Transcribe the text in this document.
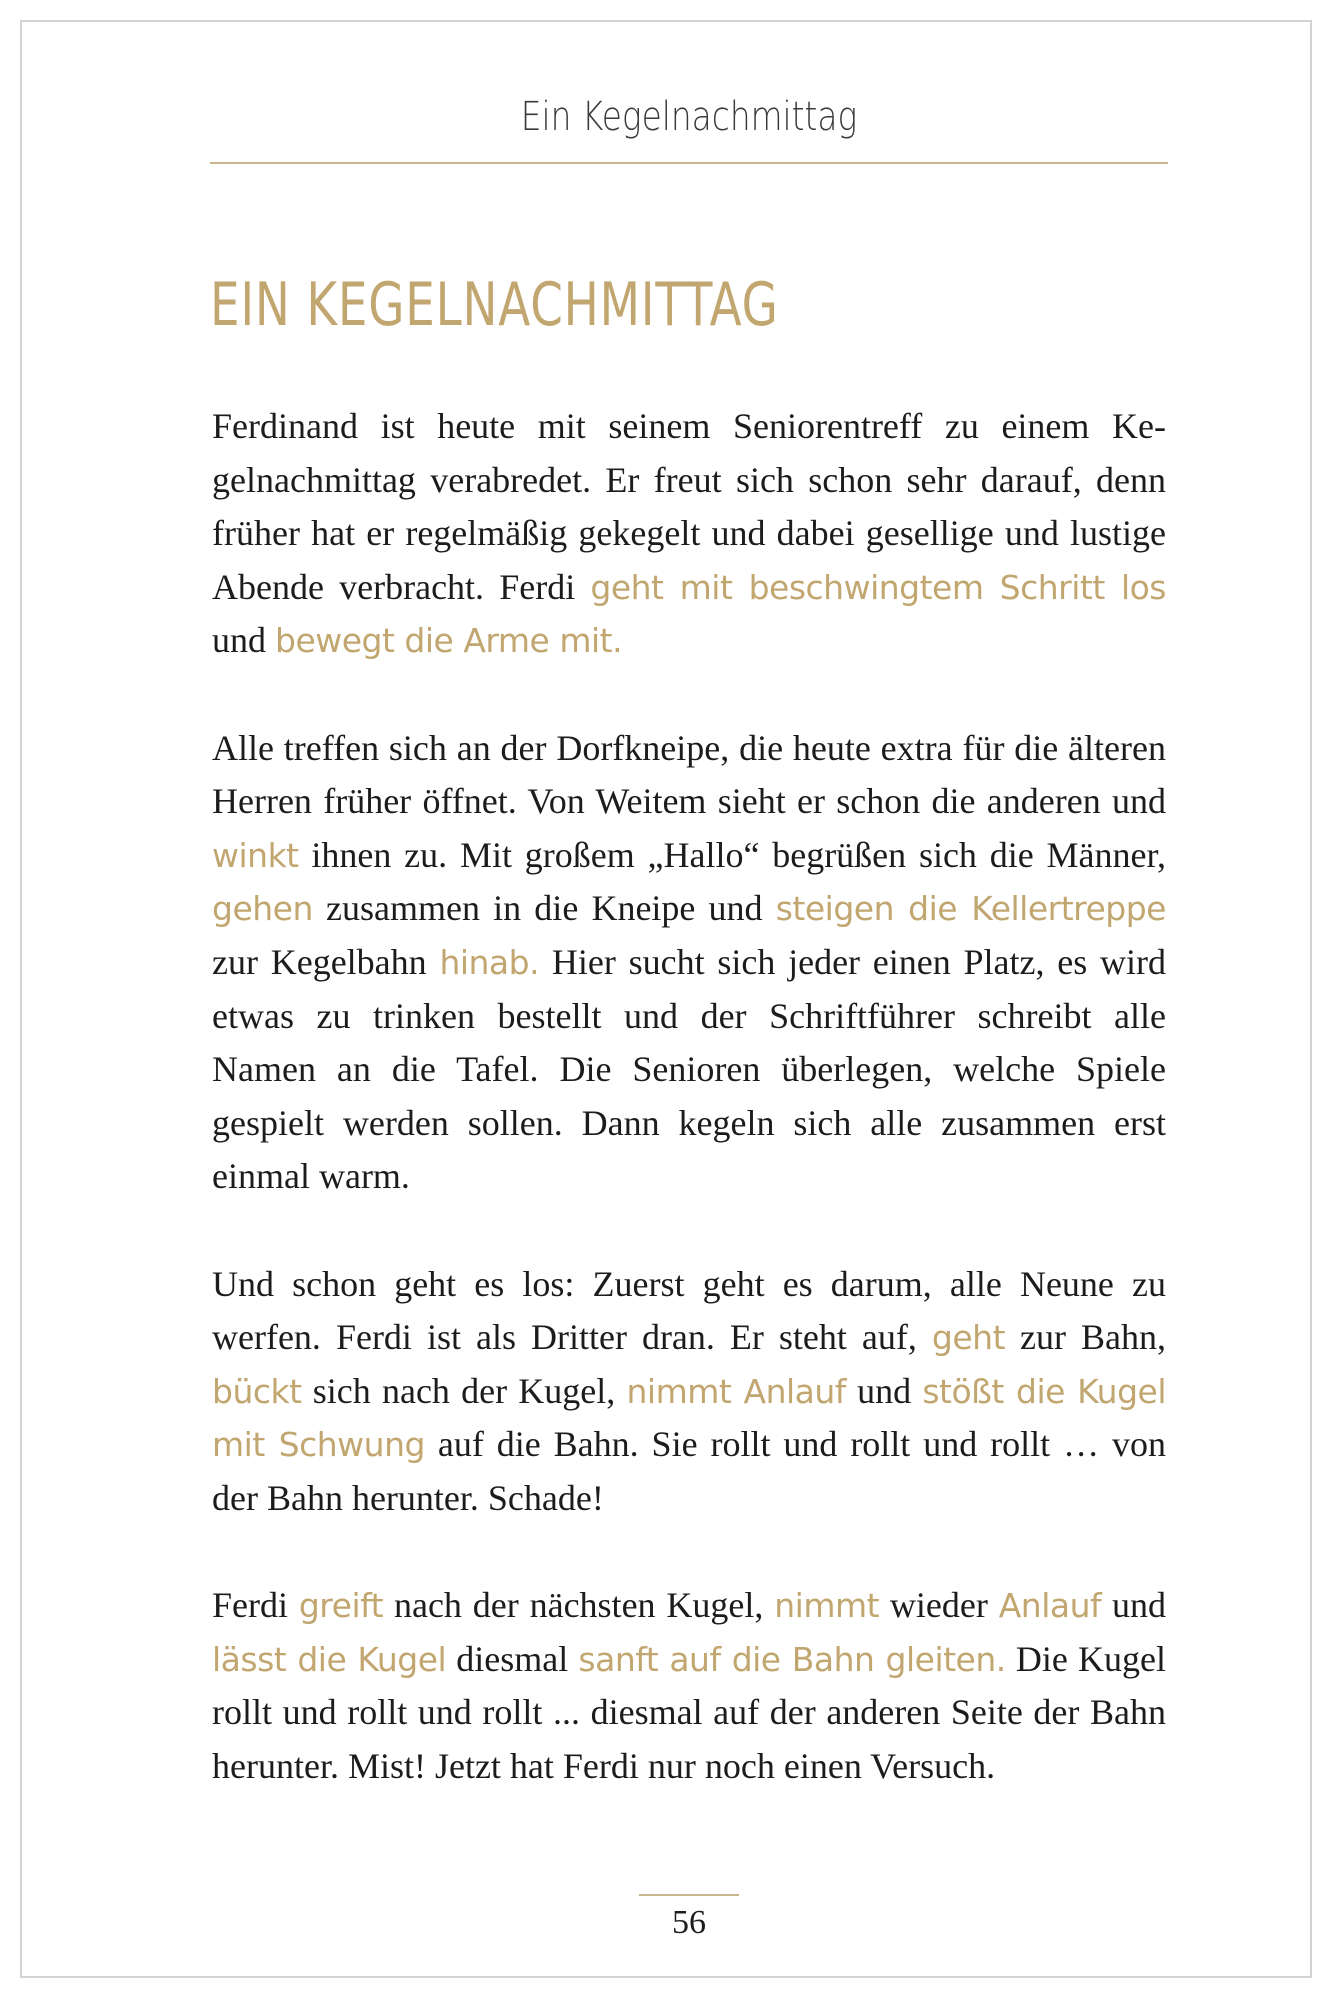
Ein Kegelnachmittag
EIN KEGELNACHMITTAG

Ferdinand ist heute mit seinem Seniorentreff zu einem Kegelnachmittag verabredet. Er freut sich schon sehr darauf, denn früher hat er regelmäßig gekegelt und dabei gesellige und lustige Abende verbracht. Ferdi geht mit beschwingtem Schritt los und bewegt die Arme mit.

Alle treffen sich an der Dorfkneipe, die heute extra für die älteren Herren früher öffnet. Von Weitem sieht er schon die anderen und winkt ihnen zu. Mit großem „Hallo“ begrüßen sich die Männer, gehen zusammen in die Kneipe und steigen die Kellertreppe zur Kegelbahn hinab. Hier sucht sich jeder einen Platz, es wird etwas zu trinken bestellt und der Schriftführer schreibt alle Namen an die Tafel. Die Senioren überlegen, welche Spiele gespielt werden sollen. Dann kegeln sich alle zusammen erst einmal warm.

Und schon geht es los: Zuerst geht es darum, alle Neune zu werfen. Ferdi ist als Dritter dran. Er steht auf, geht zur Bahn, bückt sich nach der Kugel, nimmt Anlauf und stößt die Kugel mit Schwung auf die Bahn. Sie rollt und rollt und rollt … von der Bahn herunter. Schade!

Ferdi greift nach der nächsten Kugel, nimmt wieder Anlauf und lässt die Kugel diesmal sanft auf die Bahn gleiten. Die Kugel rollt und rollt und rollt ... diesmal auf der anderen Seite der Bahn herunter. Mist! Jetzt hat Ferdi nur noch einen Versuch.

56
